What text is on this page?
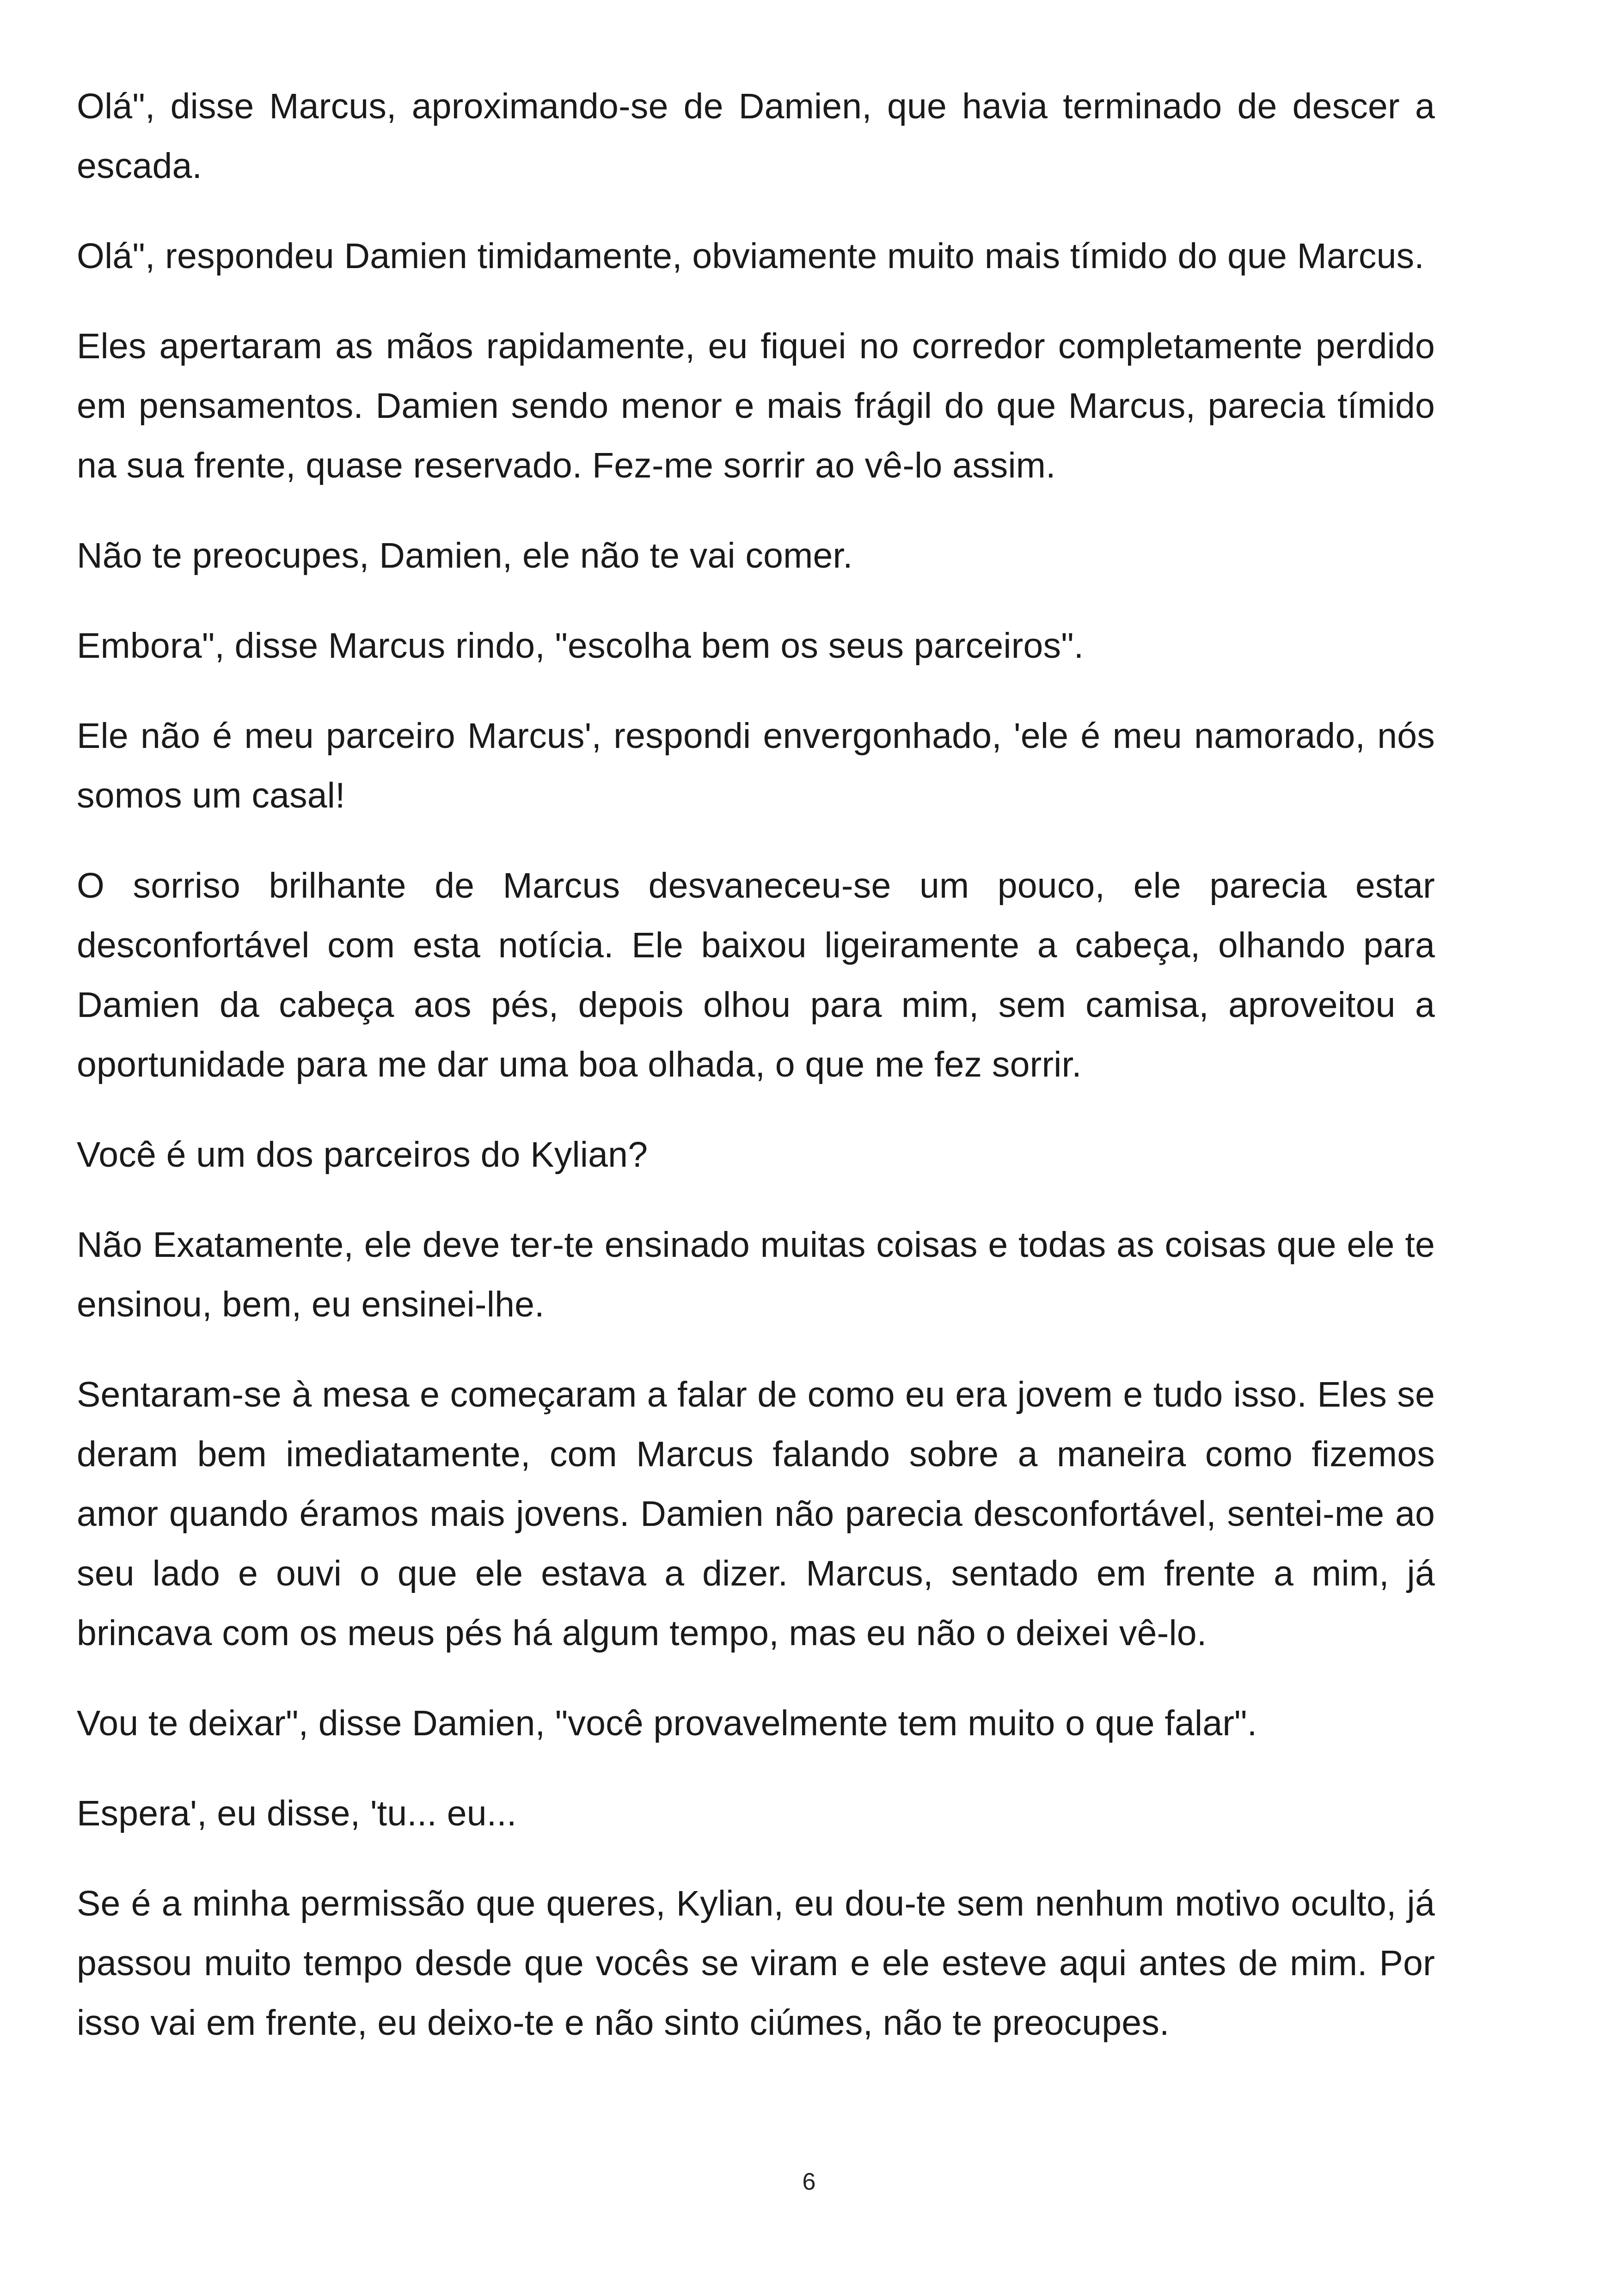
Olá", disse Marcus, aproximando-se de Damien, que havia terminado de descer a escada.

Olá", respondeu Damien timidamente, obviamente muito mais tímido do que Marcus.

Eles apertaram as mãos rapidamente, eu fiquei no corredor completamente perdido em pensamentos. Damien sendo menor e mais frágil do que Marcus, parecia tímido na sua frente, quase reservado. Fez-me sorrir ao vê-lo assim.

Não te preocupes, Damien, ele não te vai comer.

Embora", disse Marcus rindo, "escolha bem os seus parceiros".

Ele não é meu parceiro Marcus', respondi envergonhado, 'ele é meu namorado, nós somos um casal!

O sorriso brilhante de Marcus desvaneceu-se um pouco, ele parecia estar desconfortável com esta notícia. Ele baixou ligeiramente a cabeça, olhando para Damien da cabeça aos pés, depois olhou para mim, sem camisa, aproveitou a oportunidade para me dar uma boa olhada, o que me fez sorrir.

Você é um dos parceiros do Kylian?

Não Exatamente, ele deve ter-te ensinado muitas coisas e todas as coisas que ele te ensinou, bem, eu ensinei-lhe.

Sentaram-se à mesa e começaram a falar de como eu era jovem e tudo isso. Eles se deram bem imediatamente, com Marcus falando sobre a maneira como fizemos amor quando éramos mais jovens. Damien não parecia desconfortável, sentei-me ao seu lado e ouvi o que ele estava a dizer. Marcus, sentado em frente a mim, já brincava com os meus pés há algum tempo, mas eu não o deixei vê-lo.

Vou te deixar", disse Damien, "você provavelmente tem muito o que falar".

Espera', eu disse, 'tu... eu...

Se é a minha permissão que queres, Kylian, eu dou-te sem nenhum motivo oculto, já passou muito tempo desde que vocês se viram e ele esteve aqui antes de mim. Por isso vai em frente, eu deixo-te e não sinto ciúmes, não te preocupes.

6
